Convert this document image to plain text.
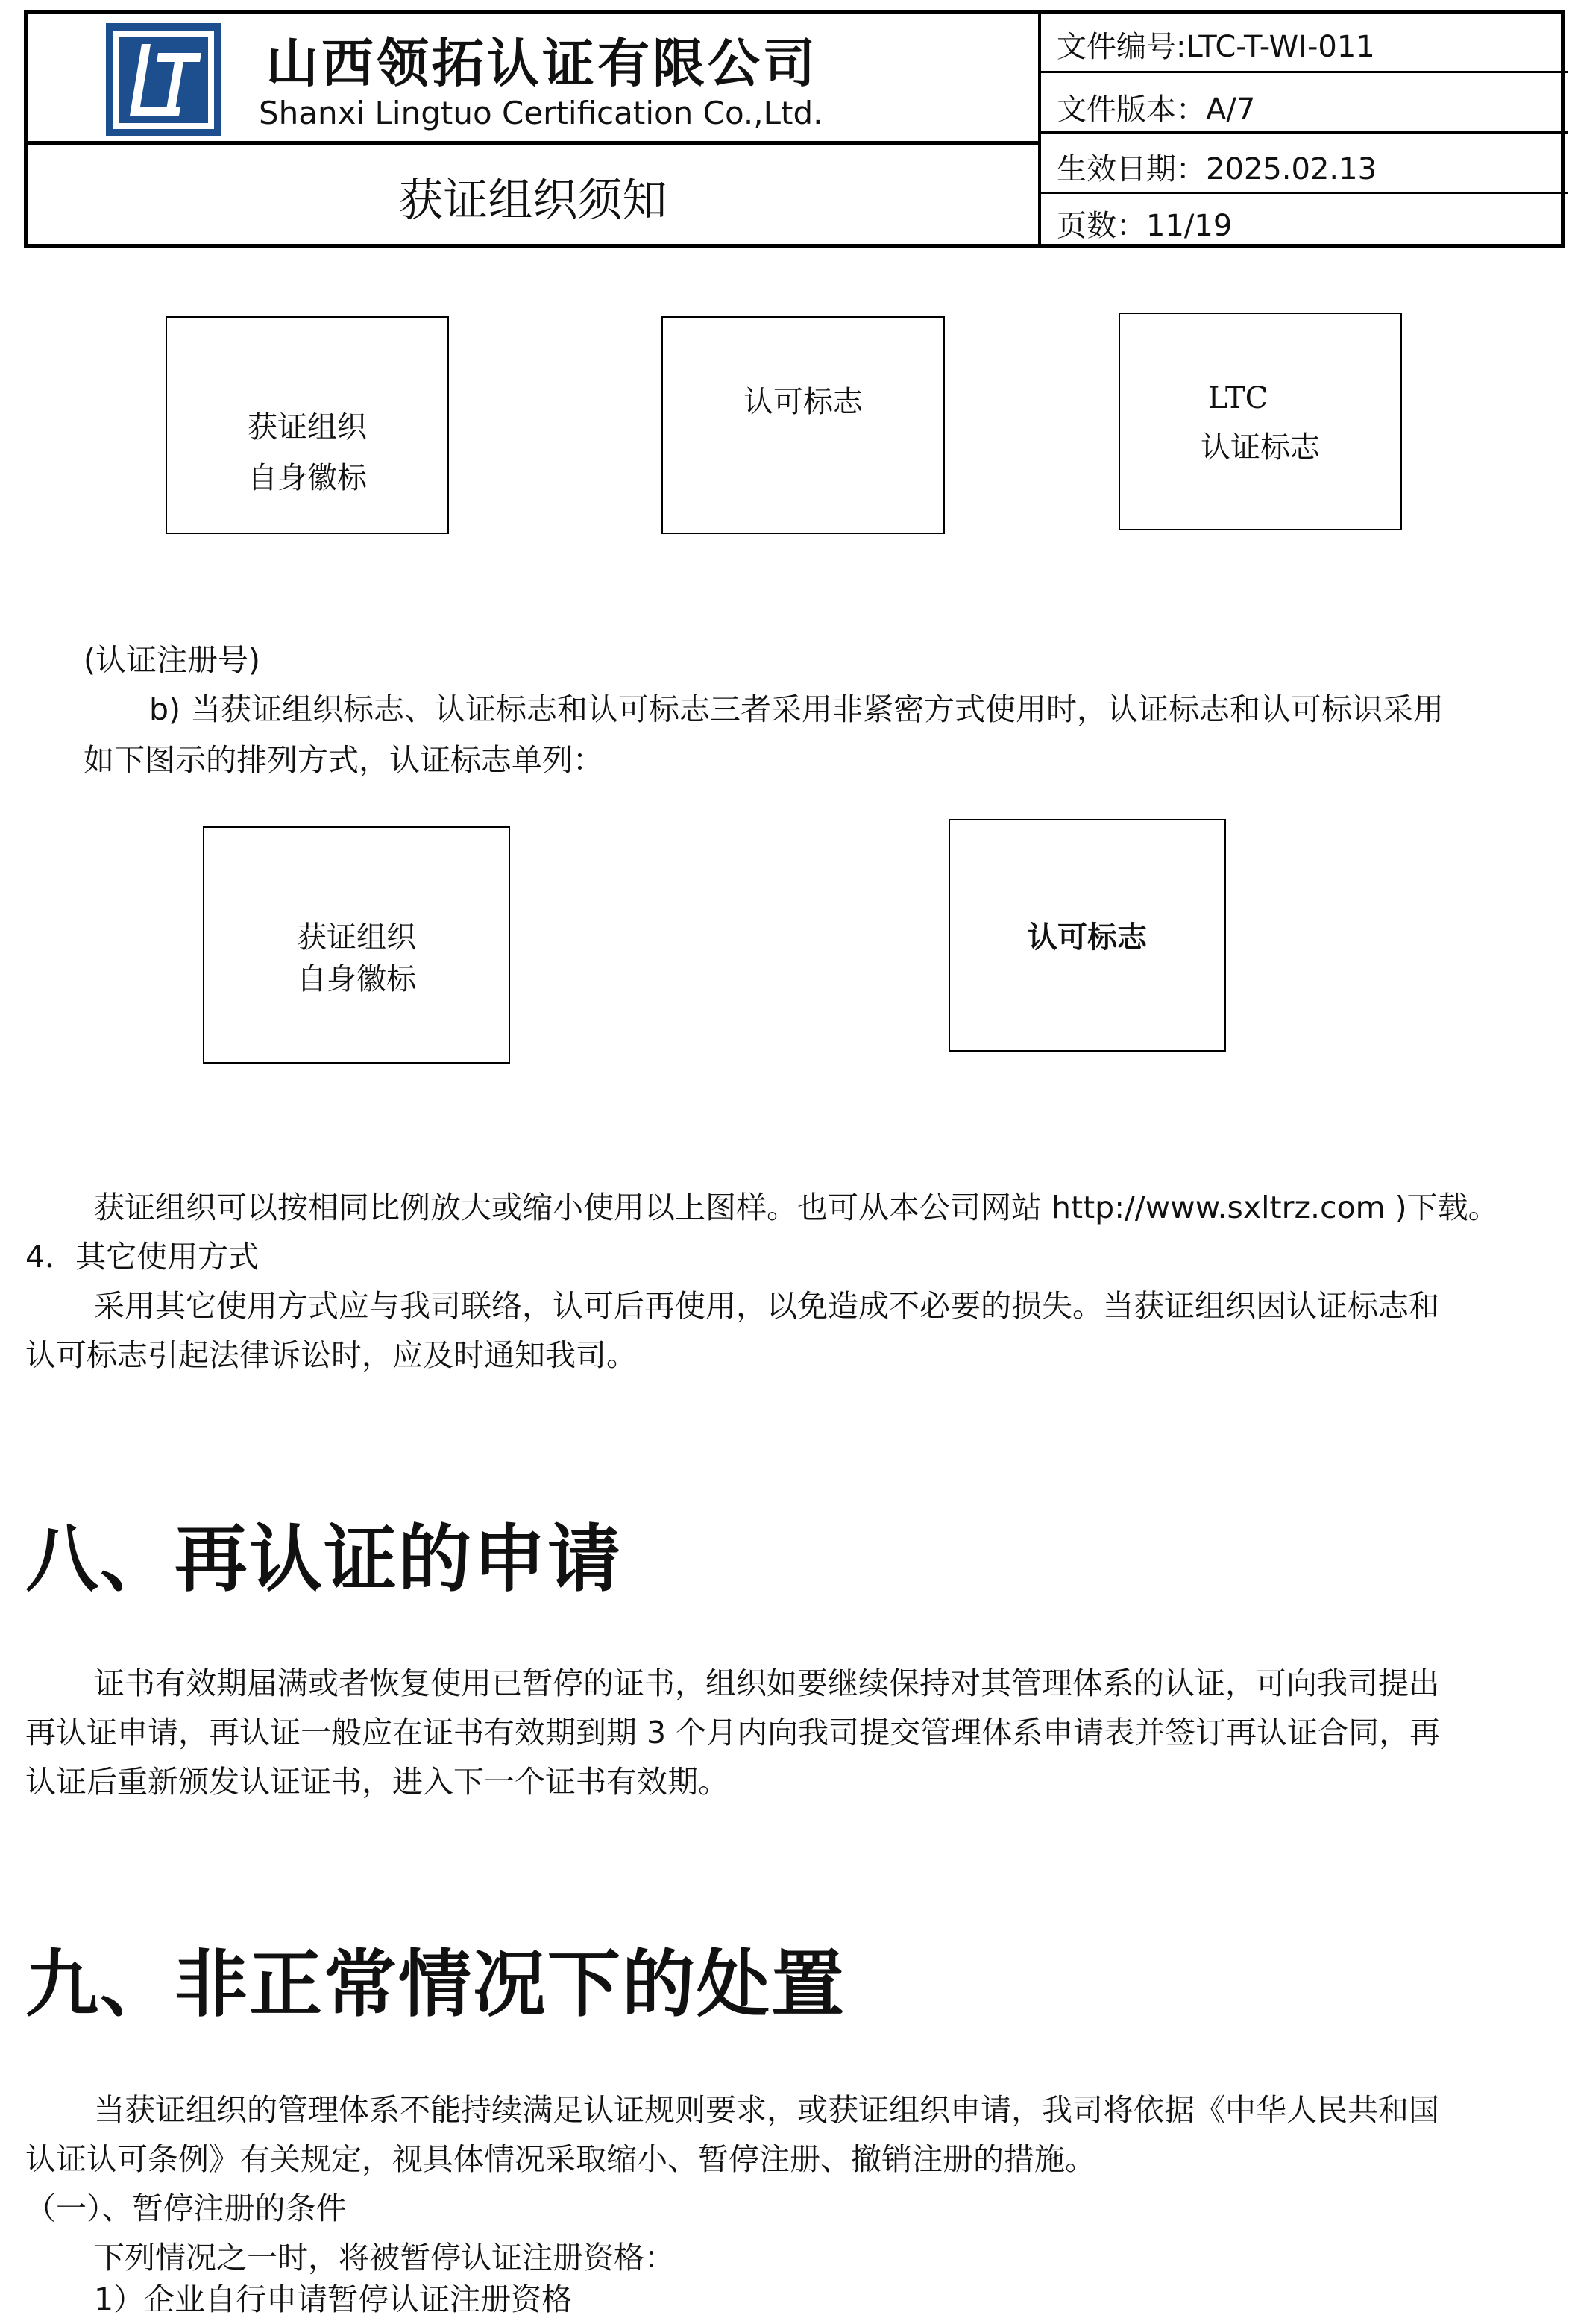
山西领拓认证有限公司
Shanxi Lingtuo Certification Co.,Ltd.
获证组织须知
文件编号:LTC-T-WI-011
文件版本：A/7
生效日期：2025.02.13
页数：11/19
获证组织
自身徽标
认可标志	LTC
认证标志
(认证注册号)
b) 当获证组织标志、认证标志和认可标志三者采用非紧密方式使用时，认证标志和认可标识采用
如下图示的排列方式，认证标志单列：
获证组织
自身徽标
认可标志
获证组织可以按相同比例放大或缩小使用以上图样。也可从本公司网站 http://www.sxltrz.com )下载。
4．其它使用方式
采用其它使用方式应与我司联络，认可后再使用，以免造成不必要的损失。当获证组织因认证标志和
认可标志引起法律诉讼时，应及时通知我司。
八、再认证的申请
证书有效期届满或者恢复使用已暂停的证书，组织如要继续保持对其管理体系的认证，可向我司提出
再认证申请，再认证一般应在证书有效期到期 3 个月内向我司提交管理体系申请表并签订再认证合同，再
认证后重新颁发认证证书，进入下一个证书有效期。
九、非正常情况下的处置
当获证组织的管理体系不能持续满足认证规则要求，或获证组织申请，我司将依据《中华人民共和国
认证认可条例》有关规定，视具体情况采取缩小、暂停注册、撤销注册的措施。
（一）、暂停注册的条件
下列情况之一时，将被暂停认证注册资格：
1）企业自行申请暂停认证注册资格
